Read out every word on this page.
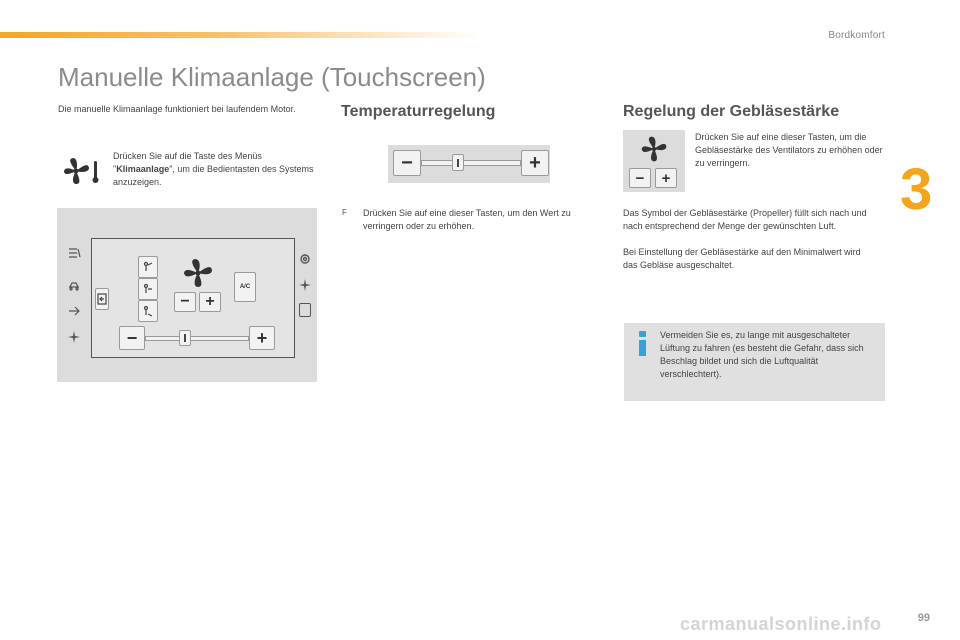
Bordkomfort
3
Manuelle Klimaanlage (Touchscreen)
Die manuelle Klimaanlage funktioniert bei laufendem Motor.
Drücken Sie auf die Taste des Menüs "Klimaanlage", um die Bedientasten des Systems anzuzeigen.
− +
A/C
−	+
Temperaturregelung
−	+
F Drücken Sie auf eine dieser Tasten, um den Wert zu verringern oder zu erhöhen.
Regelung der Gebläsestärke
−	+
Drücken Sie auf eine dieser Tasten, um die Gebläsestärke des Ventilators zu erhöhen oder zu verringern.
Das Symbol der Gebläsestärke (Propeller) füllt sich nach und nach entsprechend der Menge der gewünschten Luft.
Bei Einstellung der Gebläsestärke auf den Minimalwert wird das Gebläse ausgeschaltet.
Vermeiden Sie es, zu lange mit ausgeschalteter Lüftung zu fahren (es besteht die Gefahr, dass sich Beschlag bildet und sich die Luftqualität verschlechtert).
99
carmanualsonline.info
